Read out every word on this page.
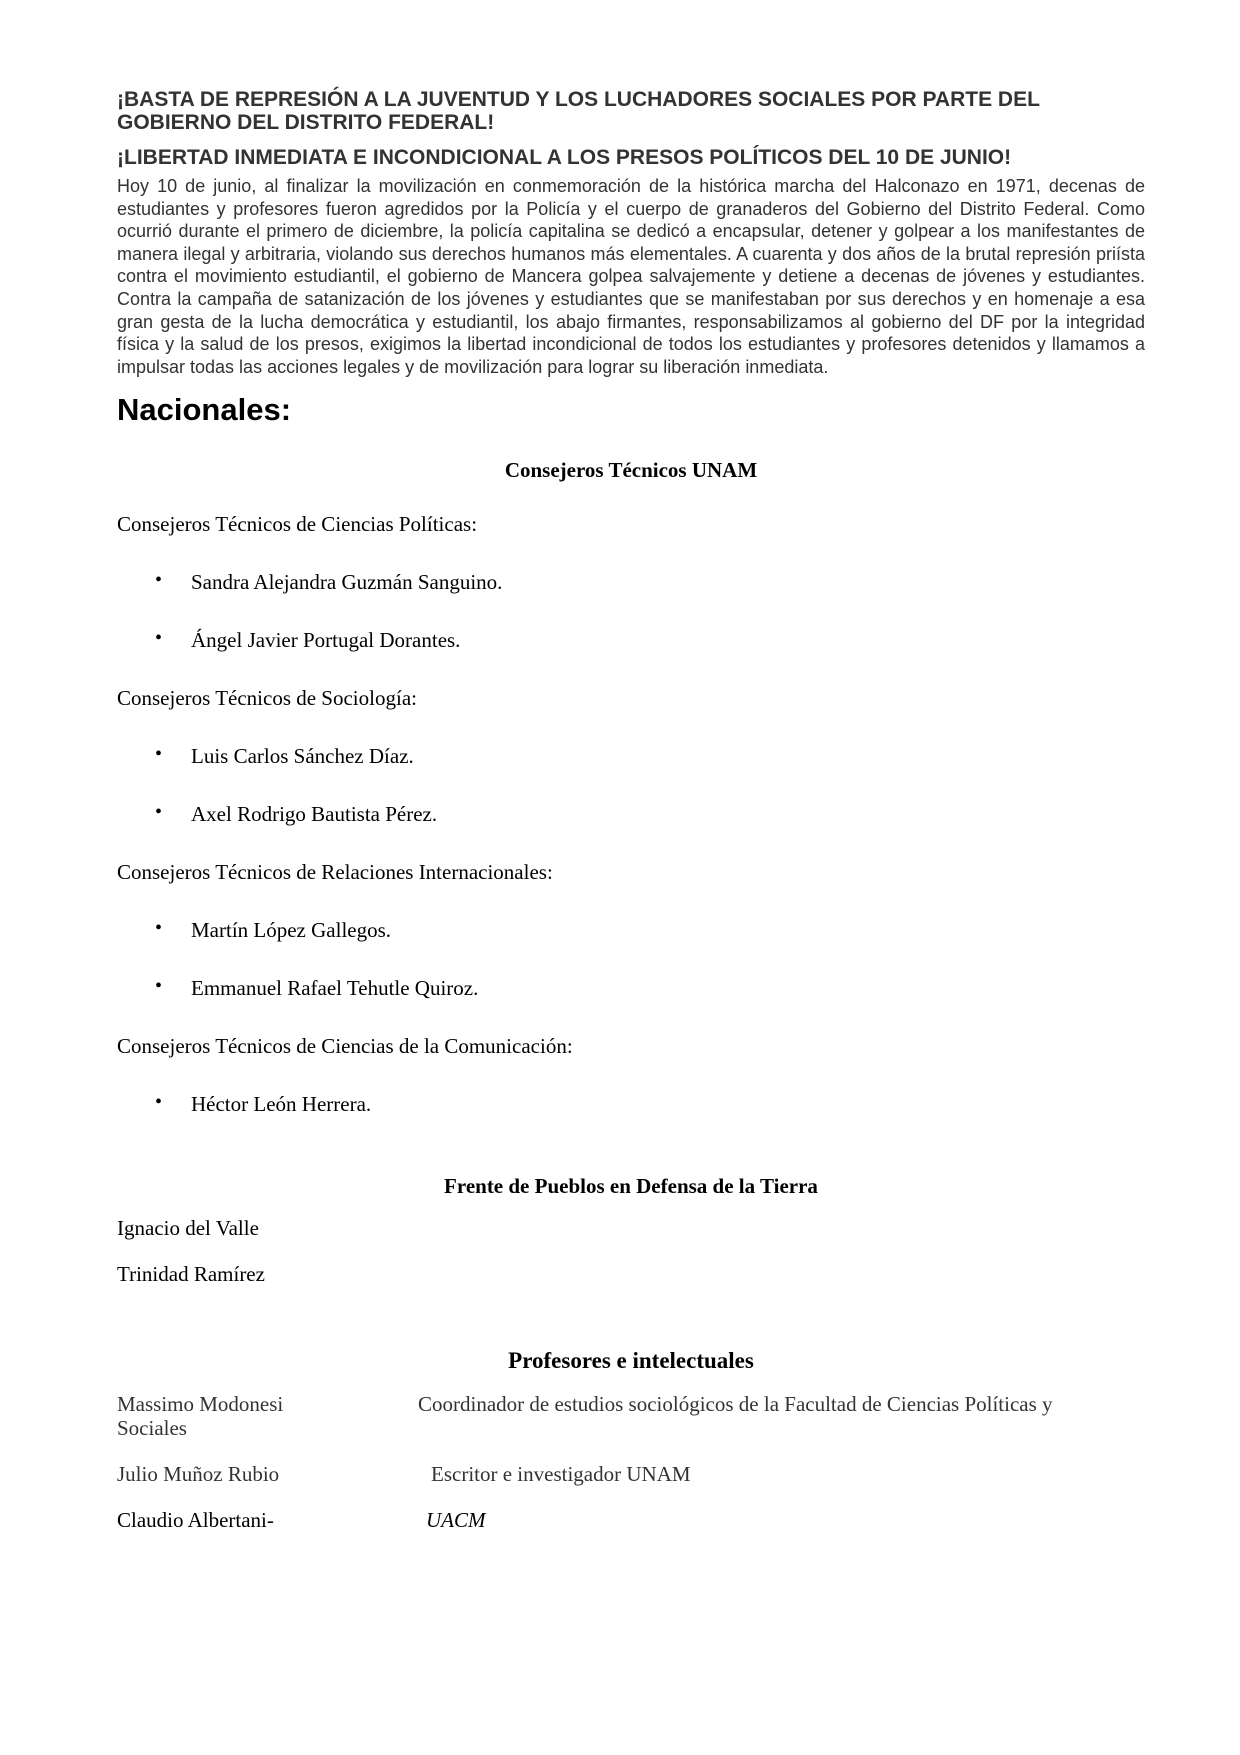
¡BASTA DE REPRESIÓN A LA JUVENTUD Y LOS LUCHADORES SOCIALES POR PARTE DEL GOBIERNO DEL DISTRITO FEDERAL!

¡LIBERTAD INMEDIATA E INCONDICIONAL A LOS PRESOS POLÍTICOS DEL 10 DE JUNIO!

Hoy 10 de junio, al finalizar la movilización en conmemoración de la histórica marcha del Halconazo en 1971, decenas de estudiantes y profesores fueron agredidos por la Policía y el cuerpo de granaderos del Gobierno del Distrito Federal. Como ocurrió durante el primero de diciembre, la policía capitalina se dedicó a encapsular, detener y golpear a los manifestantes de manera ilegal y arbitraria, violando sus derechos humanos más elementales. A cuarenta y dos años de la brutal represión priísta contra el movimiento estudiantil, el gobierno de Mancera golpea salvajemente y detiene a decenas de jóvenes y estudiantes. Contra la campaña de satanización de los jóvenes y estudiantes que se manifestaban por sus derechos y en homenaje a esa gran gesta de la lucha democrática y estudiantil, los abajo firmantes, responsabilizamos al gobierno del DF por la integridad física y la salud de los presos, exigimos la libertad incondicional de todos los estudiantes y profesores detenidos y llamamos a impulsar todas las acciones legales y de movilización para lograr su liberación inmediata.

Nacionales:
Consejeros Técnicos UNAM

Consejeros Técnicos de Ciencias Políticas:

• Sandra Alejandra Guzmán Sanguino.
• Ángel Javier Portugal Dorantes.

Consejeros Técnicos de Sociología:

• Luis Carlos Sánchez Díaz.
• Axel Rodrigo Bautista Pérez.

Consejeros Técnicos de Relaciones Internacionales:

• Martín López Gallegos.
• Emmanuel Rafael Tehutle Quiroz.

Consejeros Técnicos de Ciencias de la Comunicación:

• Héctor León Herrera.
Frente de Pueblos en Defensa de la Tierra
Ignacio del Valle
Trinidad Ramírez
Profesores e intelectuales
Massimo Modonesi	Coordinador de estudios sociológicos de la Facultad de Ciencias Políticas y
Sociales
Julio Muñoz Rubio	Escritor e investigador UNAM
Claudio Albertani-	UACM
